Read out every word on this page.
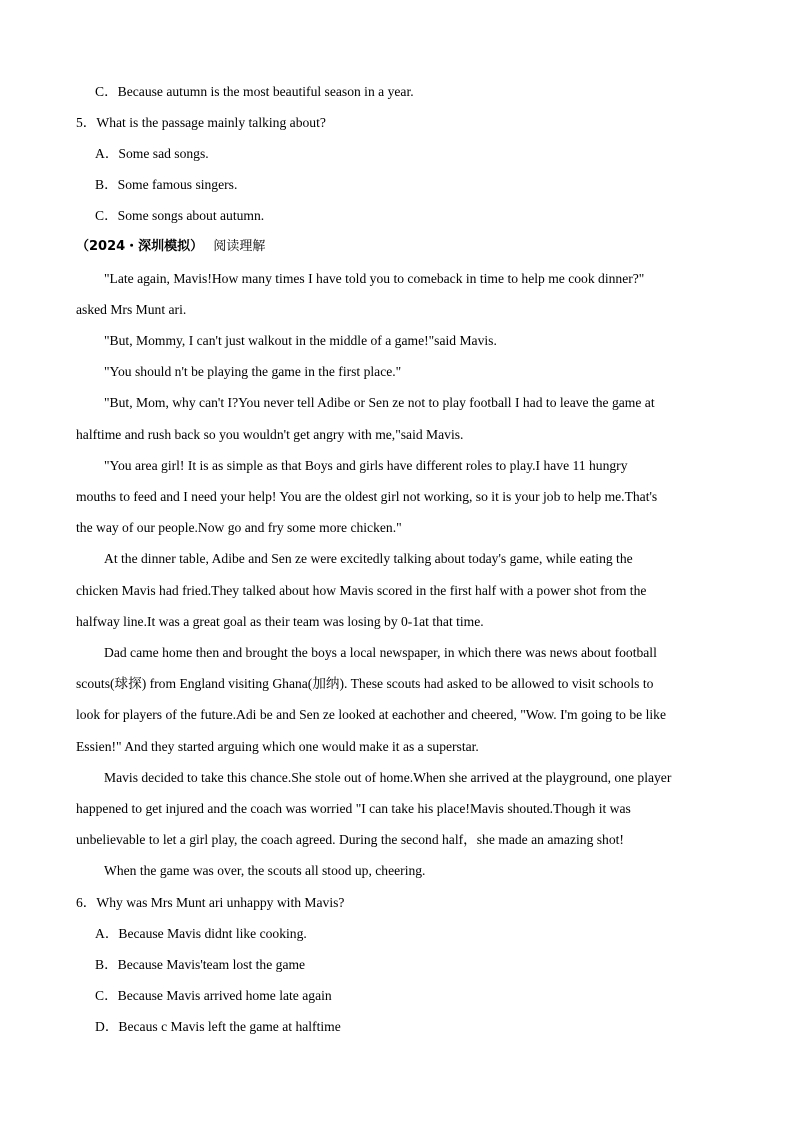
C．Because autumn is the most beautiful season in a year.
5．What is the passage mainly talking about?
A．Some sad songs.
B．Some famous singers.
C．Some songs about autumn.
（2024・深圳模拟） 阅读理解
"Late again, Mavis!How many times I have told you to comeback in time to help me cook dinner?"
asked Mrs Munt ari.
"But, Mommy, I can't just walkout in the middle of a game!"said Mavis.
"You should n't be playing the game in the first place."
"But, Mom, why can't I?You never tell Adibe or Sen ze not to play football I had to leave the game at
halftime and rush back so you wouldn't get angry with me,"said Mavis.
"You area girl! It is as simple as that Boys and girls have different roles to play.I have 11 hungry
mouths to feed and I need your help! You are the oldest girl not working, so it is your job to help me.That's
the way of our people.Now go and fry some more chicken."
At the dinner table, Adibe and Sen ze were excitedly talking about today's game, while eating the
chicken Mavis had fried.They talked about how Mavis scored in the first half with a power shot from the
halfway line.It was a great goal as their team was losing by 0-1at that time.
Dad came home then and brought the boys a local newspaper, in which there was news about football
scouts(球探) from England visiting Ghana(加纳). These scouts had asked to be allowed to visit schools to
look for players of the future.Adi be and Sen ze looked at eachother and cheered, "Wow. I'm going to be like
Essien!" And they started arguing which one would make it as a superstar.
Mavis decided to take this chance.She stole out of home.When she arrived at the playground, one player
happened to get injured and the coach was worried "I can take his place!Mavis shouted.Though it was
unbelievable to let a girl play, the coach agreed. During the second half，she made an amazing shot!
When the game was over, the scouts all stood up, cheering.
6．Why was Mrs Munt ari unhappy with Mavis?
A．Because Mavis didnt like cooking.
B．Because Mavis'team lost the game
C．Because Mavis arrived home late again
D．Becaus c Mavis left the game at halftime
